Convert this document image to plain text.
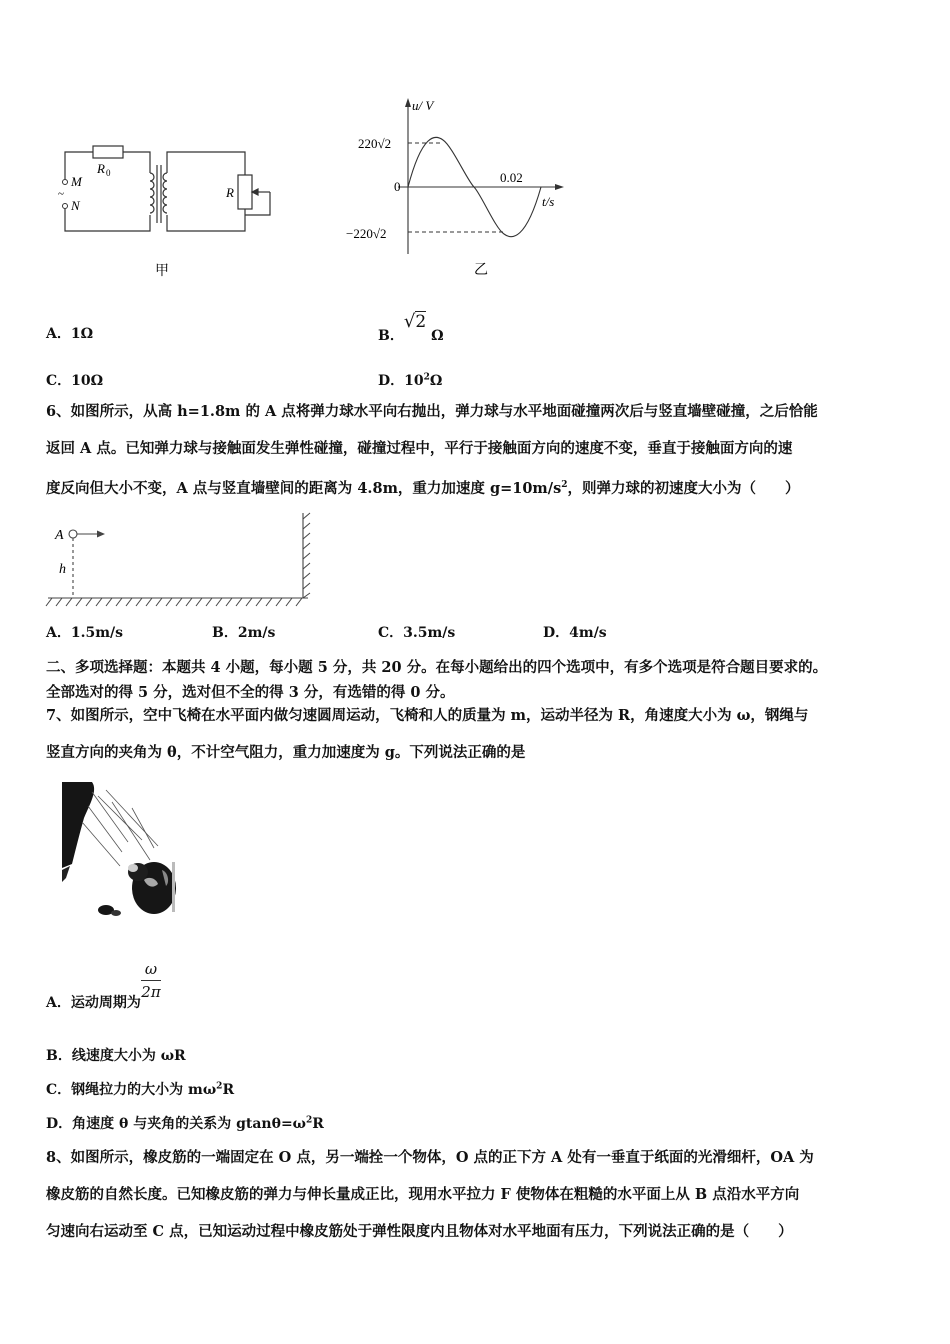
~
M
N
R 0
R
甲
u/ V
t/s
220√2
−220√2
0
0.02
乙
A．1Ω	B．√2Ω
C．10Ω	D．$10^2\Omega$
6、如图所示，从高 h=1.8m 的 A 点将弹力球水平向右抛出，弹力球与水平地面碰撞两次后与竖直墙壁碰撞，之后恰能
返回 A 点。已知弹力球与接触面发生弹性碰撞，碰撞过程中，平行于接触面方向的速度不变，垂直于接触面方向的速
度反向但大小不变，A 点与竖直墙壁间的距离为 4.8m，重力加速度 $g=10m/s^2$，则弹力球的初速度大小为（　　）
A
h
A．1.5m/s	B．2m/s	C．3.5m/s	D．4m/s
二、多项选择题：本题共 4 小题，每小题 5 分，共 20 分。在每小题给出的四个选项中，有多个选项是符合题目要求的。
全部选对的得 5 分，选对但不全的得 3 分，有选错的得 0 分。
7、如图所示，空中飞椅在水平面内做匀速圆周运动，飞椅和人的质量为 m，运动半径为 R，角速度大小为 ω，钢绳与
竖直方向的夹角为 θ，不计空气阻力，重力加速度为 g。下列说法正确的是
A．运动周期为
$\frac{\omega}{2\pi}$
B．线速度大小为 ωR
C．钢绳拉力的大小为 $m\omega^2R$
D．角速度 θ 与夹角的关系为 $gtan\theta=\omega^2R$
8、如图所示，橡皮筋的一端固定在 O 点，另一端拴一个物体，O 点的正下方 A 处有一垂直于纸面的光滑细杆，OA 为
橡皮筋的自然长度。已知橡皮筋的弹力与伸长量成正比，现用水平拉力 F 使物体在粗糙的水平面上从 B 点沿水平方向
匀速向右运动至 C 点，已知运动过程中橡皮筋处于弹性限度内且物体对水平地面有压力，下列说法正确的是（　　）
